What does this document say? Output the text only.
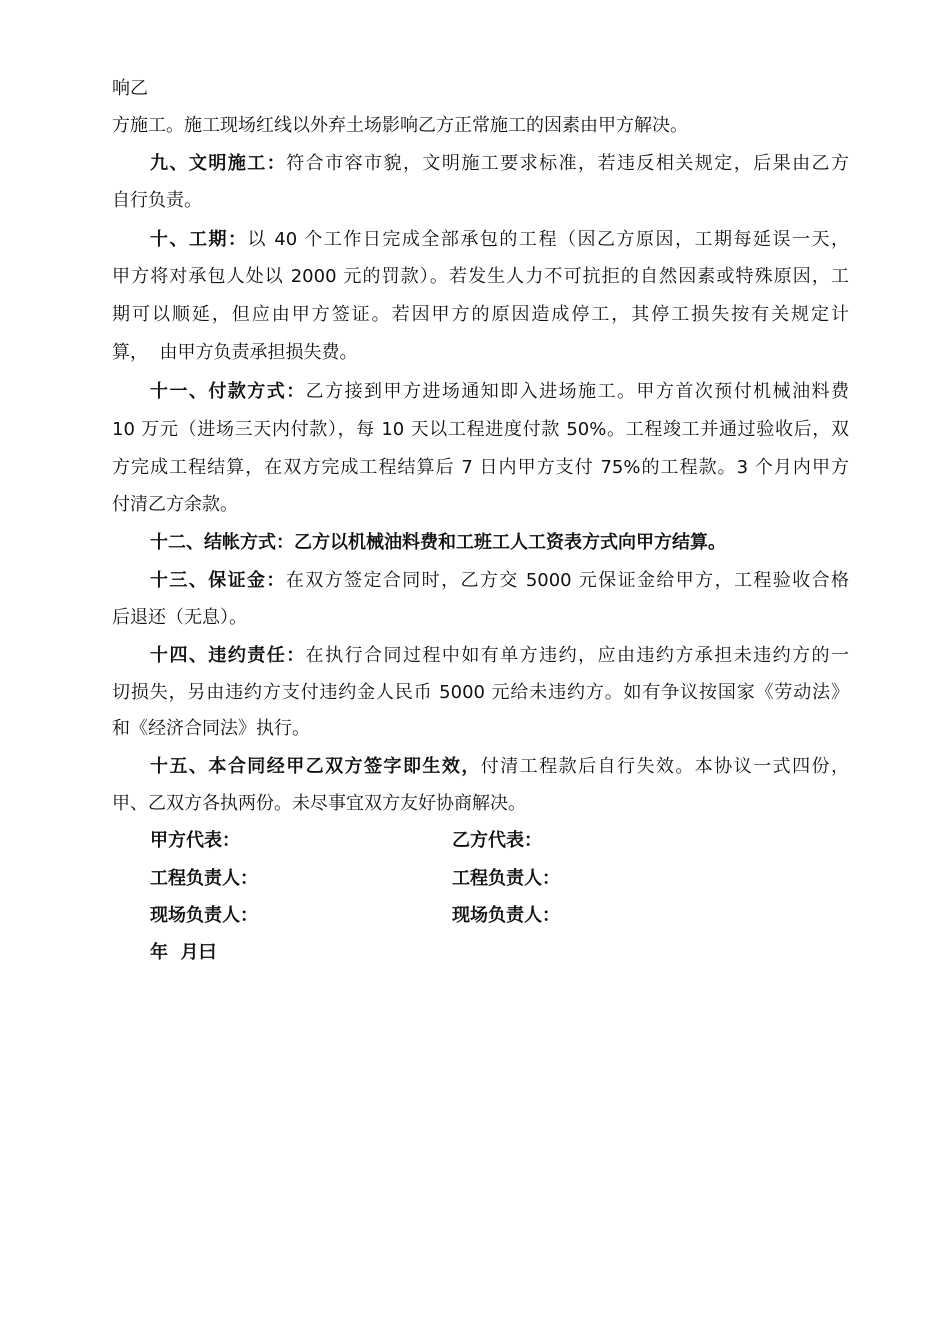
响乙
方施工。施工现场红线以外弃土场影响乙方正常施工的因素由甲方解决。
九、文明施工：符合市容市貌，文明施工要求标准，若违反相关规定，后果由乙方
自行负责。
十、工期：以 40 个工作日完成全部承包的工程（因乙方原因，工期每延误一天，
甲方将对承包人处以 2000 元的罚款）。若发生人力不可抗拒的自然因素或特殊原因，工
期可以顺延，但应由甲方签证。若因甲方的原因造成停工，其停工损失按有关规定计
算，  由甲方负责承担损失费。
十一、付款方式：乙方接到甲方进场通知即入进场施工。甲方首次预付机械油料费
10 万元（进场三天内付款），每 10 天以工程进度付款 50%。工程竣工并通过验收后，双
方完成工程结算，在双方完成工程结算后 7 日内甲方支付 75%的工程款。3 个月内甲方
付清乙方余款。
十二、结帐方式：乙方以机械油料费和工班工人工资表方式向甲方结算。
十三、保证金：在双方签定合同时，乙方交 5000 元保证金给甲方，工程验收合格
后退还（无息）。
十四、违约责任：在执行合同过程中如有单方违约，应由违约方承担未违约方的一
切损失，另由违约方支付违约金人民币 5000 元给未违约方。如有争议按国家《劳动法》
和《经济合同法》执行。
十五、本合同经甲乙双方签字即生效，付清工程款后自行失效。本协议一式四份，
甲、乙双方各执两份。未尽事宜双方友好协商解决。
甲方代表：	乙方代表：
工程负责人：	工程负责人：
现场负责人：	现场负责人：
年  月曰
